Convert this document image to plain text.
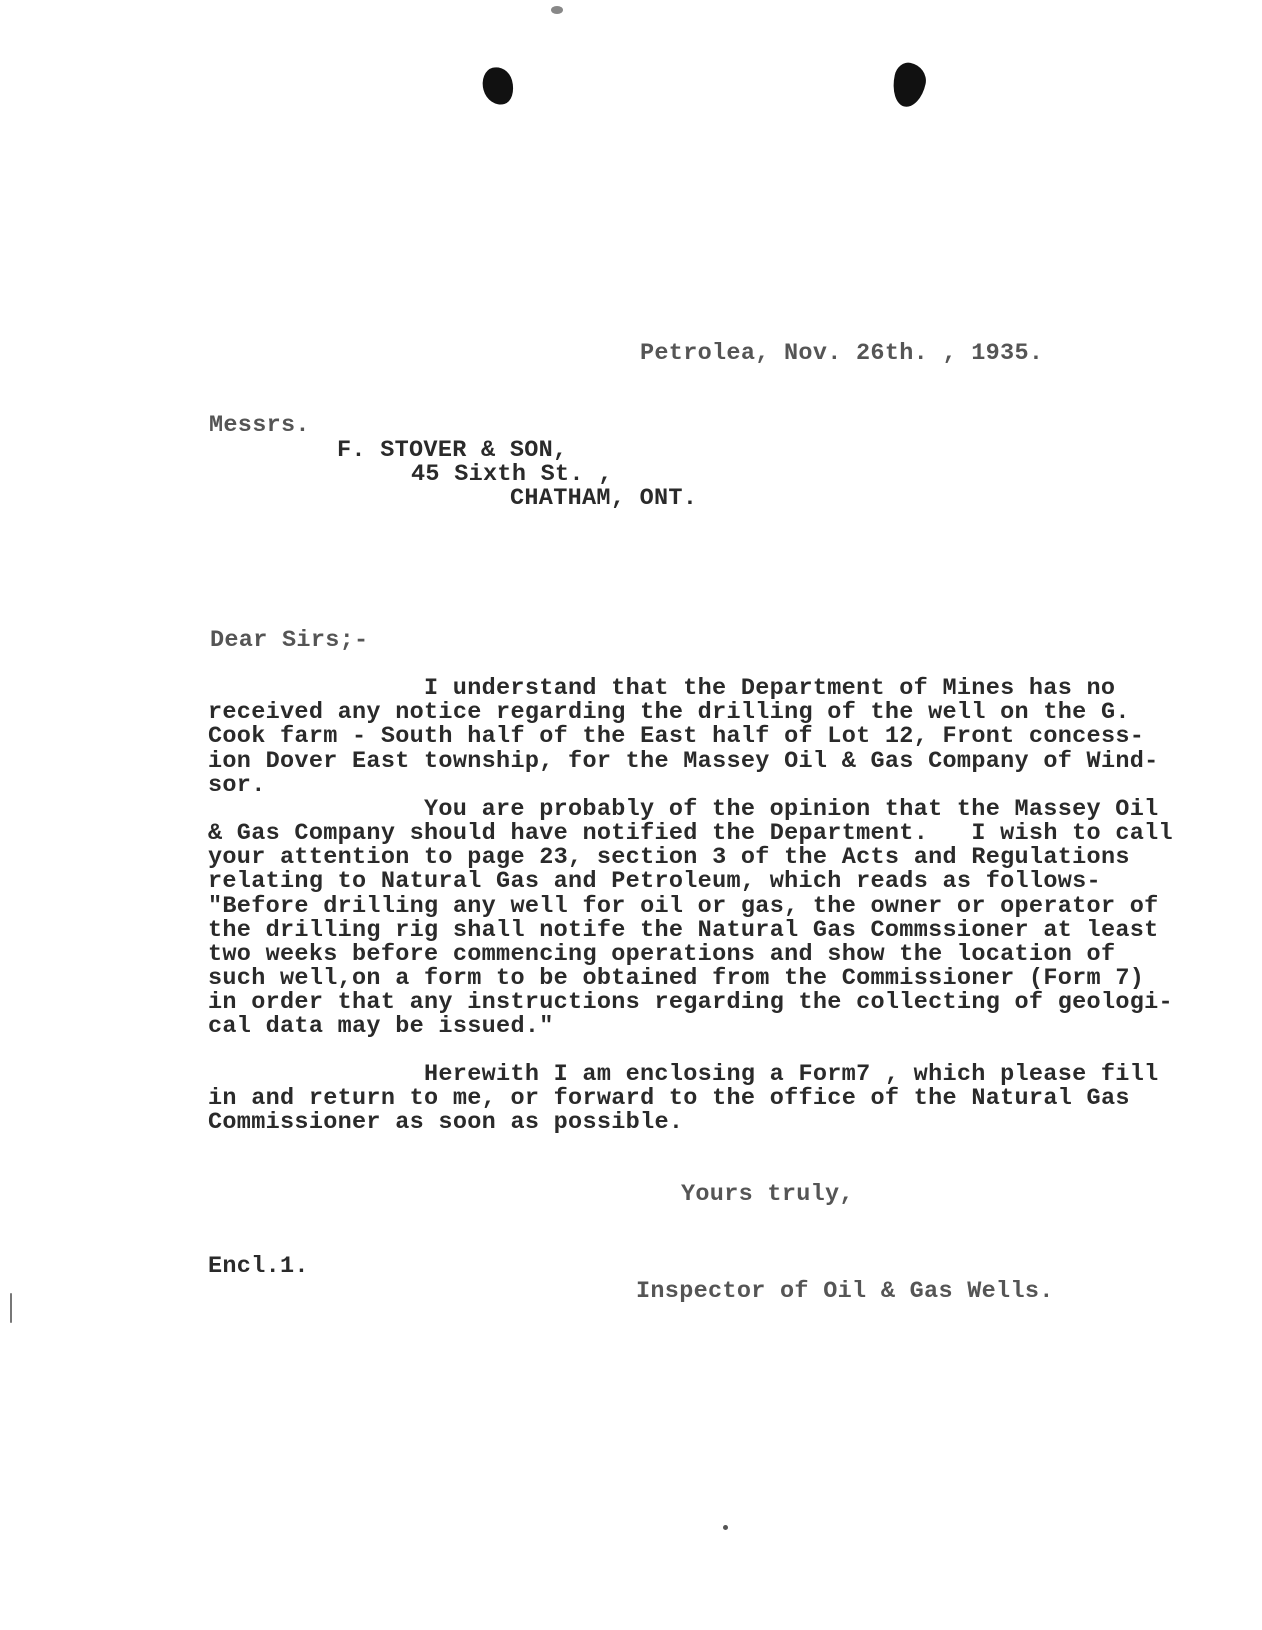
Petrolea, Nov. 26th. , 1935.
Messrs.
F. STOVER & SON,
45 Sixth St. ,
CHATHAM, ONT.
Dear Sirs;-
I understand that the Department of Mines has no
received any notice regarding the drilling of the well on the G.
Cook farm - South half of the East half of Lot 12, Front concess-
ion Dover East township, for the Massey Oil & Gas Company of Wind-
sor.
You are probably of the opinion that the Massey Oil
& Gas Company should have notified the Department.   I wish to call
your attention to page 23, section 3 of the Acts and Regulations
relating to Natural Gas and Petroleum, which reads as follows-
"Before drilling any well for oil or gas, the owner or operator of
the drilling rig shall notife the Natural Gas Commssioner at least
two weeks before commencing operations and show the location of
such well,on a form to be obtained from the Commissioner (Form 7)
in order that any instructions regarding the collecting of geologi-
cal data may be issued."
Herewith I am enclosing a Form7 , which please fill
in and return to me, or forward to the office of the Natural Gas
Commissioner as soon as possible.
Yours truly,
Encl.1.
Inspector of Oil & Gas Wells.
